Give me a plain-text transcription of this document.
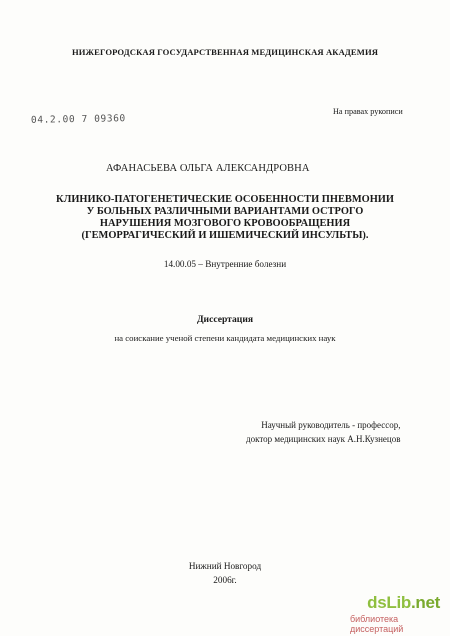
НИЖЕГОРОДСКАЯ ГОСУДАРСТВЕННАЯ МЕДИЦИНСКАЯ АКАДЕМИЯ

На правах рукописи

04.2.00 7 09360

АФАНАСЬЕВА ОЛЬГА АЛЕКСАНДРОВНА

КЛИНИКО-ПАТОГЕНЕТИЧЕСКИЕ ОСОБЕННОСТИ ПНЕВМОНИИ
У БОЛЬНЫХ РАЗЛИЧНЫМИ ВАРИАНТАМИ ОСТРОГО
НАРУШЕНИЯ МОЗГОВОГО КРОВООБРАЩЕНИЯ
(ГЕМОРРАГИЧЕСКИЙ И ИШЕМИЧЕСКИЙ ИНСУЛЬТЫ).

14.00.05 – Внутренние болезни

Диссертация

на соискание ученой степени кандидата медицинских наук

Научный руководитель - профессор,
доктор медицинских наук А.Н.Кузнецов
Нижний Новгород
2006г.
dsLib.net
библиотека диссертаций
